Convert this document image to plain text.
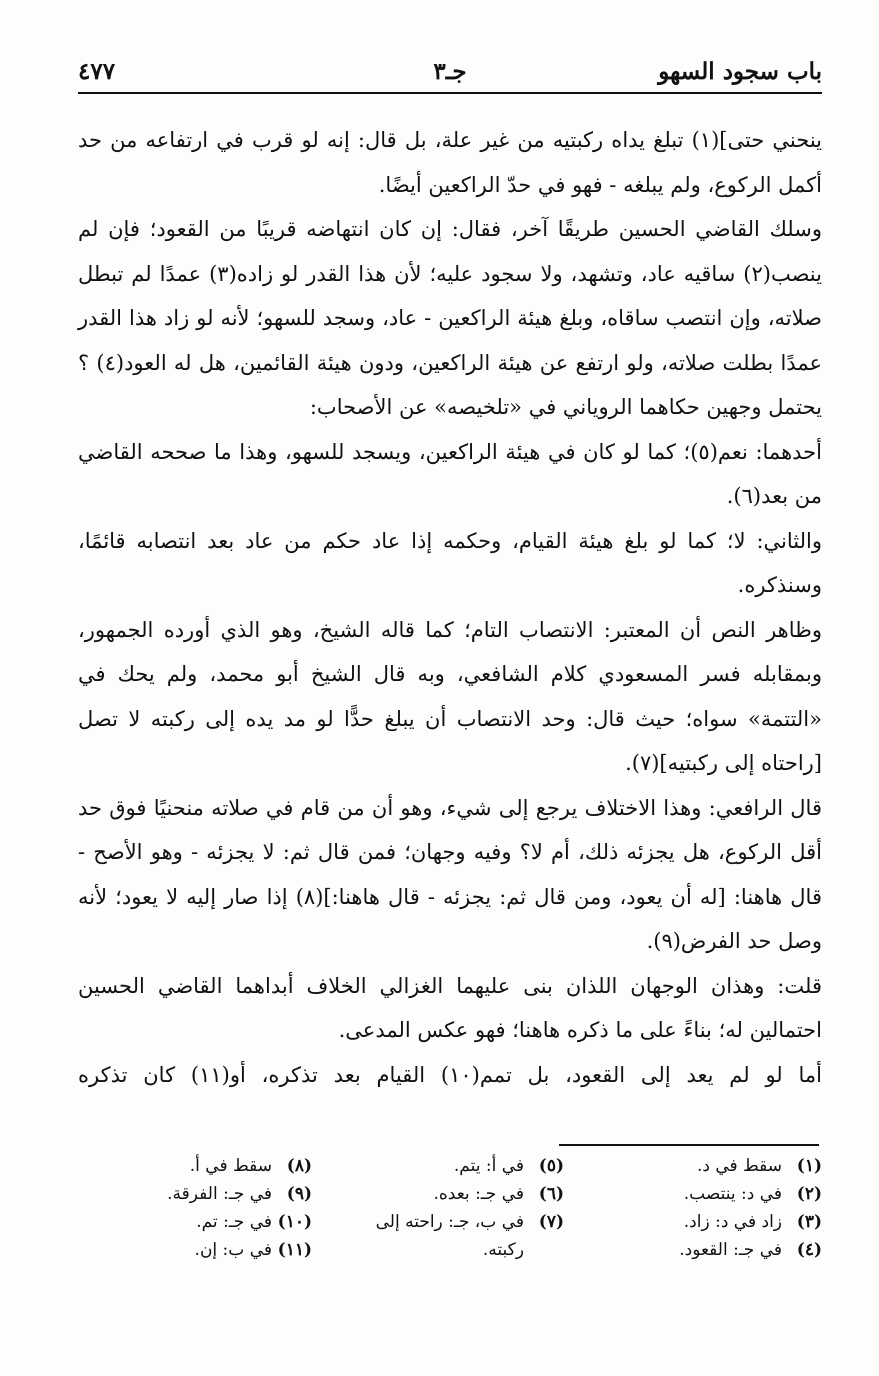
باب سجود السهو
جـ٣
٤٧٧

ينحني حتى](١) تبلغ يداه ركبتيه من غير علة، بل قال: إنه لو قرب في ارتفاعه من حد أكمل الركوع، ولم يبلغه - فهو في حدّ الراكعين أيضًا.

وسلك القاضي الحسين طريقًا آخر، فقال: إن كان انتهاضه قريبًا من القعود؛ فإن لم ينصب(٢) ساقيه عاد، وتشهد، ولا سجود عليه؛ لأن هذا القدر لو زاده(٣) عمدًا لم تبطل صلاته، وإن انتصب ساقاه، وبلغ هيئة الراكعين - عاد، وسجد للسهو؛ لأنه لو زاد هذا القدر عمدًا بطلت صلاته، ولو ارتفع عن هيئة الراكعين، ودون هيئة القائمين، هل له العود(٤) ؟ يحتمل وجهين حكاهما الروياني في «تلخيصه» عن الأصحاب:

أحدهما: نعم(٥)؛ كما لو كان في هيئة الراكعين، ويسجد للسهو، وهذا ما صححه القاضي من بعد(٦).

والثاني: لا؛ كما لو بلغ هيئة القيام، وحكمه إذا عاد حكم من عاد بعد انتصابه قائمًا، وسنذكره.

وظاهر النص أن المعتبر: الانتصاب التام؛ كما قاله الشيخ، وهو الذي أورده الجمهور، وبمقابله فسر المسعودي كلام الشافعي، وبه قال الشيخ أبو محمد، ولم يحك في «التتمة» سواه؛ حيث قال: وحد الانتصاب أن يبلغ حدًّا لو مد يده إلى ركبته لا تصل [راحتاه إلى ركبتيه](٧).

قال الرافعي: وهذا الاختلاف يرجع إلى شيء، وهو أن من قام في صلاته منحنيًا فوق حد أقل الركوع، هل يجزئه ذلك، أم لا؟ وفيه وجهان؛ فمن قال ثم: لا يجزئه - وهو الأصح - قال هاهنا: [له أن يعود، ومن قال ثم: يجزئه - قال هاهنا:](٨) إذا صار إليه لا يعود؛ لأنه وصل حد الفرض(٩).

قلت: وهذان الوجهان اللذان بنى عليهما الغزالي الخلاف أبداهما القاضي الحسين احتمالين له؛ بناءً على ما ذكره هاهنا؛ فهو عكس المدعى.

أما لو لم يعد إلى القعود، بل تمم(١٠) القيام بعد تذكره، أو(١١) كان تذكره

(١)
سقط في د.
(٢)
في د: ينتصب.
(٣)
زاد في د: زاد.
(٤)
في جـ: القعود.
(٥)
في أ: يتم.
(٦)
في جـ: بعده.
(٧)
في ب، جـ: راحته إلى
ركبته.
(٨)
سقط في أ.
(٩)
في جـ: الفرقة.
(١٠)
في جـ: تم.
(١١)
في ب: إن.
